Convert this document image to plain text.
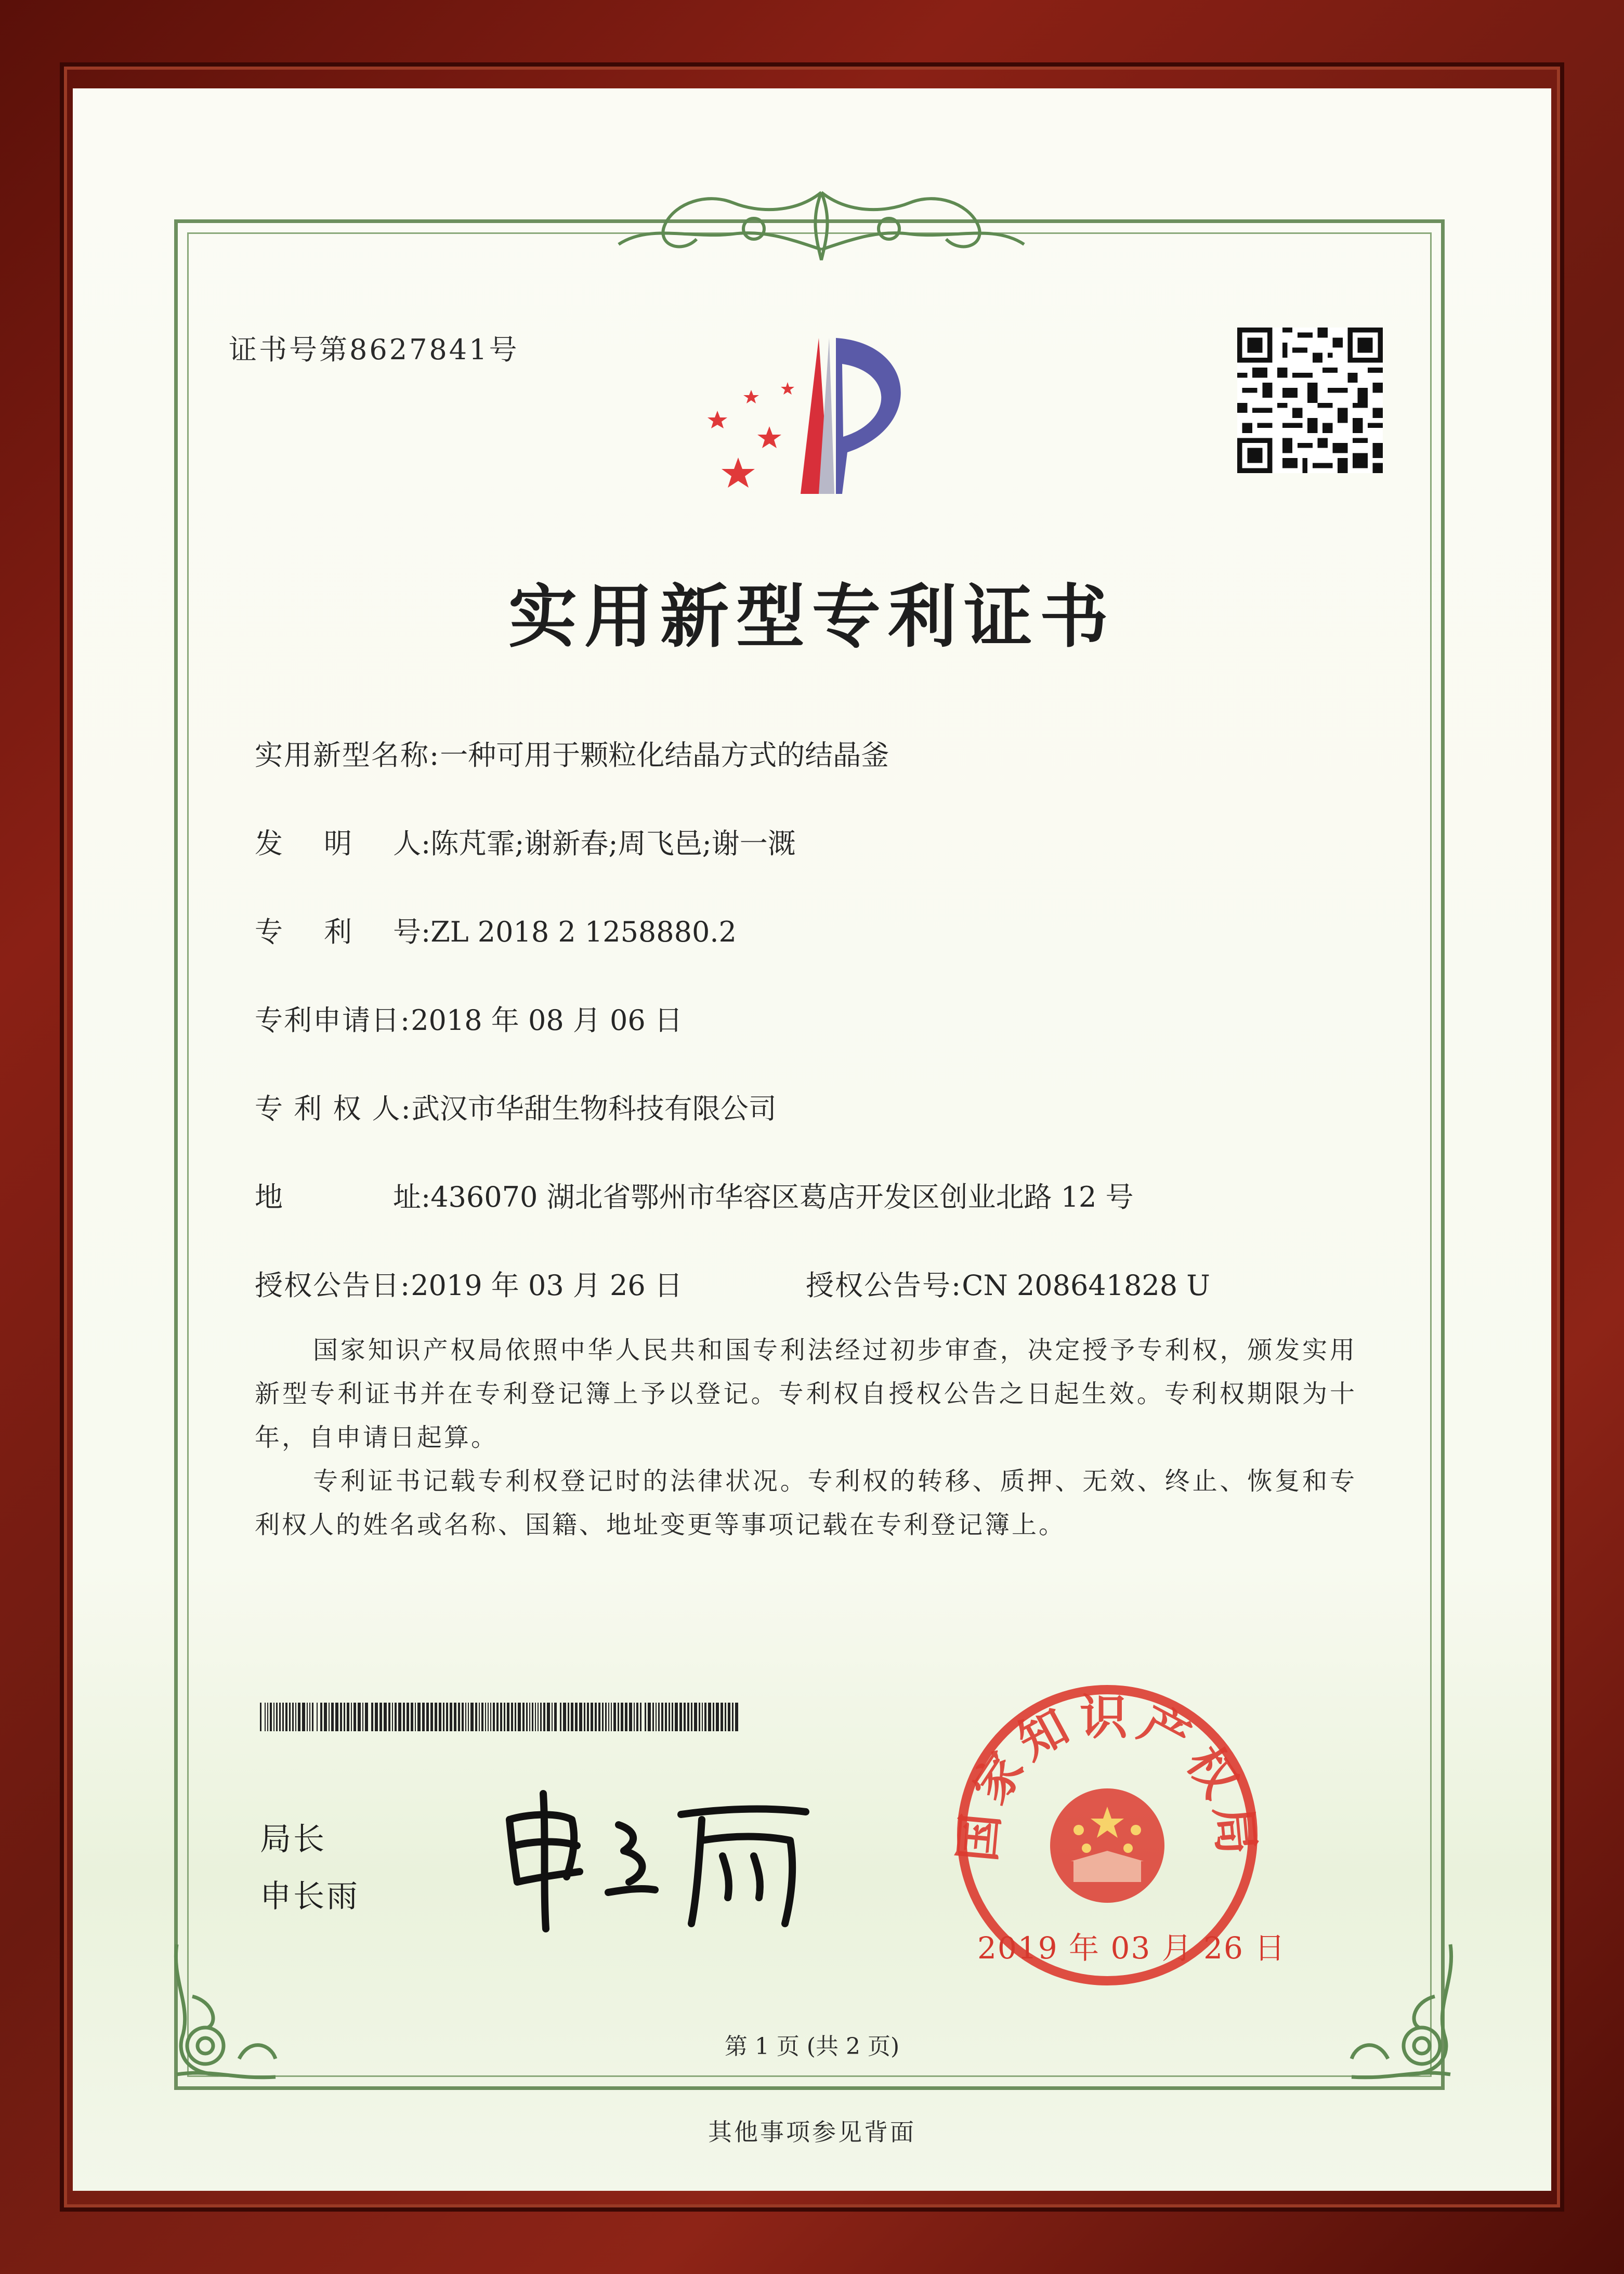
证书号第8627841号
实用新型专利证书
实用新型名称:一种可用于颗粒化结晶方式的结晶釜
发 明 人 :陈芃霏;谢新春;周飞邑;谢一溉
专 利 号 :ZL 2018 2 1258880.2
专利申请日:2018 年 08 月 06 日
专 利 权 人:武汉市华甜生物科技有限公司
地	址 :436070 湖北省鄂州市华容区葛店开发区创业北路 12 号
授权公告日:2019 年 03 月 26 日	授权公告号:CN 208641828 U

国家知识产权局依照中华人民共和国专利法经过初步审查，决定授予专利权，颁发实用新型专利证书并在专利登记簿上予以登记。专利权自授权公告之日起生效。专利权期限为十年，自申请日起算。

专利证书记载专利权登记时的法律状况。专利权的转移、质押、无效、终止、恢复和专利权人的姓名或名称、国籍、地址变更等事项记载在专利登记簿上。

局长
申长雨
国家知识产权局
2019 年 03 月 26 日
第 1 页 (共 2 页)
其他事项参见背面
